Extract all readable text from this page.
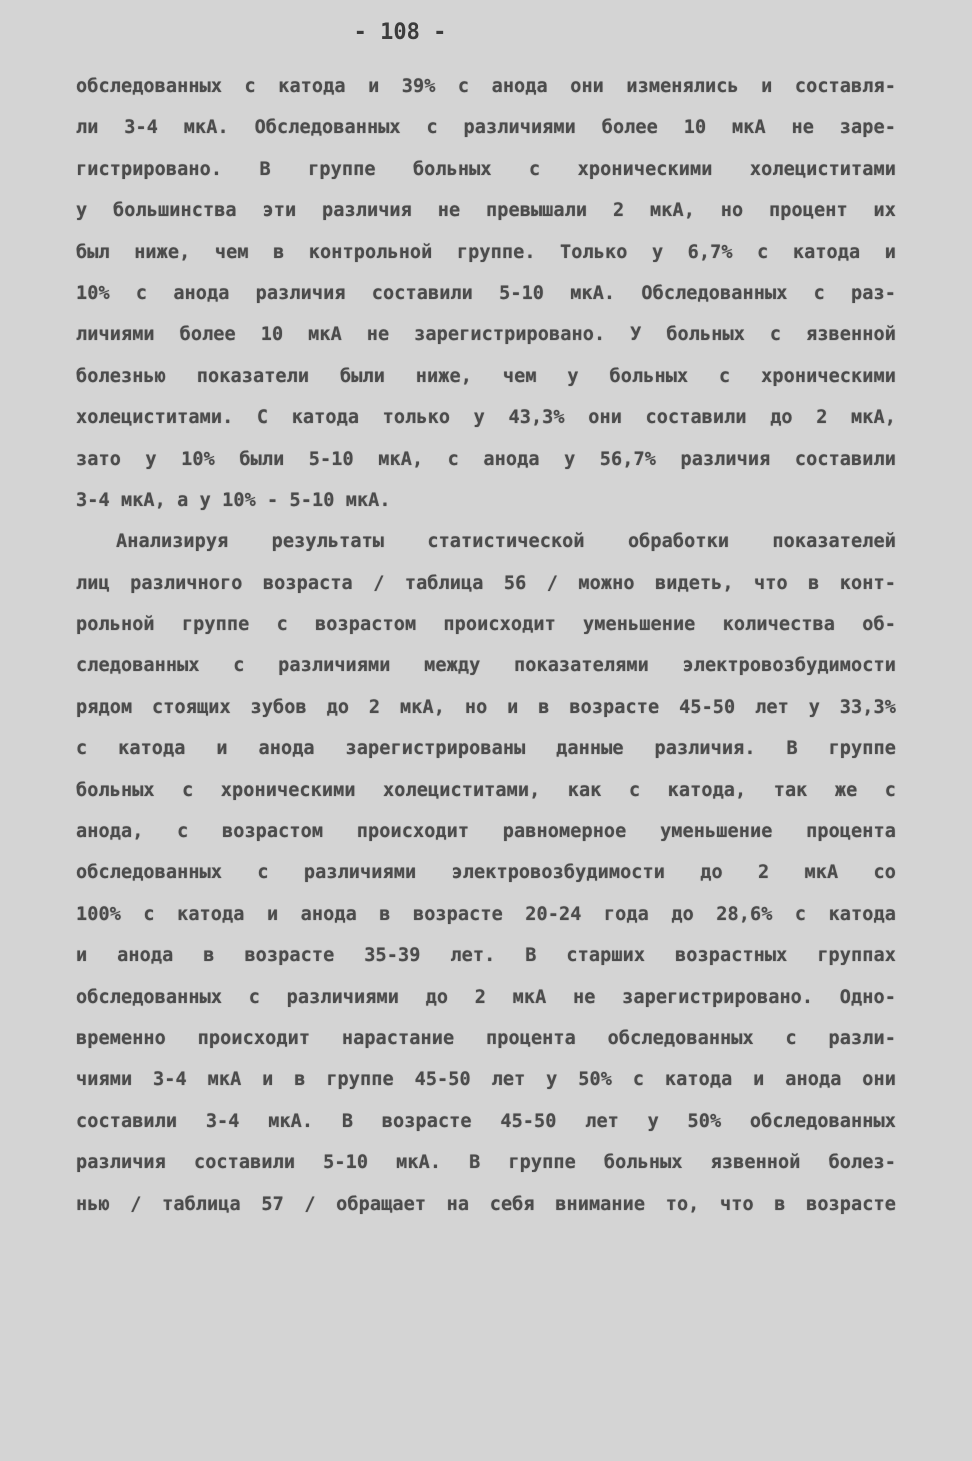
- 108 -
обследованных с катода и 39% с анода они изменялись и составля-
ли 3-4 мкА. Обследованных с различиями более 10 мкА не заре-
гистрировано. В группе больных с хроническими холециститами
у большинства эти различия не превышали 2 мкА, но процент их
был ниже, чем в контрольной группе. Только у 6,7% с катода и
10% с анода различия составили 5-10 мкА. Обследованных с раз-
личиями более 10 мкА не зарегистрировано. У больных с язвенной
болезнью показатели были ниже, чем у больных с хроническими
холециститами. С катода только у 43,3% они составили до 2 мкА,
зато у 10% были 5-10 мкА, с анода у 56,7% различия составили
3-4 мкА, а у 10% - 5-10 мкА.
Анализируя результаты статистической обработки показателей
лиц различного возраста / таблица 56 / можно видеть, что в конт-
рольной группе с возрастом происходит уменьшение количества об-
следованных с различиями между показателями электровозбудимости
рядом стоящих зубов до 2 мкА, но и в возрасте 45-50 лет у 33,3%
с катода и анода зарегистрированы данные различия. В группе
больных с хроническими холециститами, как с катода, так же с
анода, с возрастом происходит равномерное уменьшение процента
обследованных с различиями электровозбудимости до 2 мкА со
100% с катода и анода в возрасте 20-24 года до 28,6% с катода
и анода в возрасте 35-39 лет. В старших возрастных группах
обследованных с различиями до 2 мкА не зарегистрировано. Одно-
временно происходит нарастание процента обследованных с разли-
чиями 3-4 мкА и в группе 45-50 лет у 50% с катода и анода они
составили 3-4 мкА. В возрасте 45-50 лет у 50% обследованных
различия составили 5-10 мкА. В группе больных язвенной болез-
нью / таблица 57 / обращает на себя внимание то, что в возрасте
